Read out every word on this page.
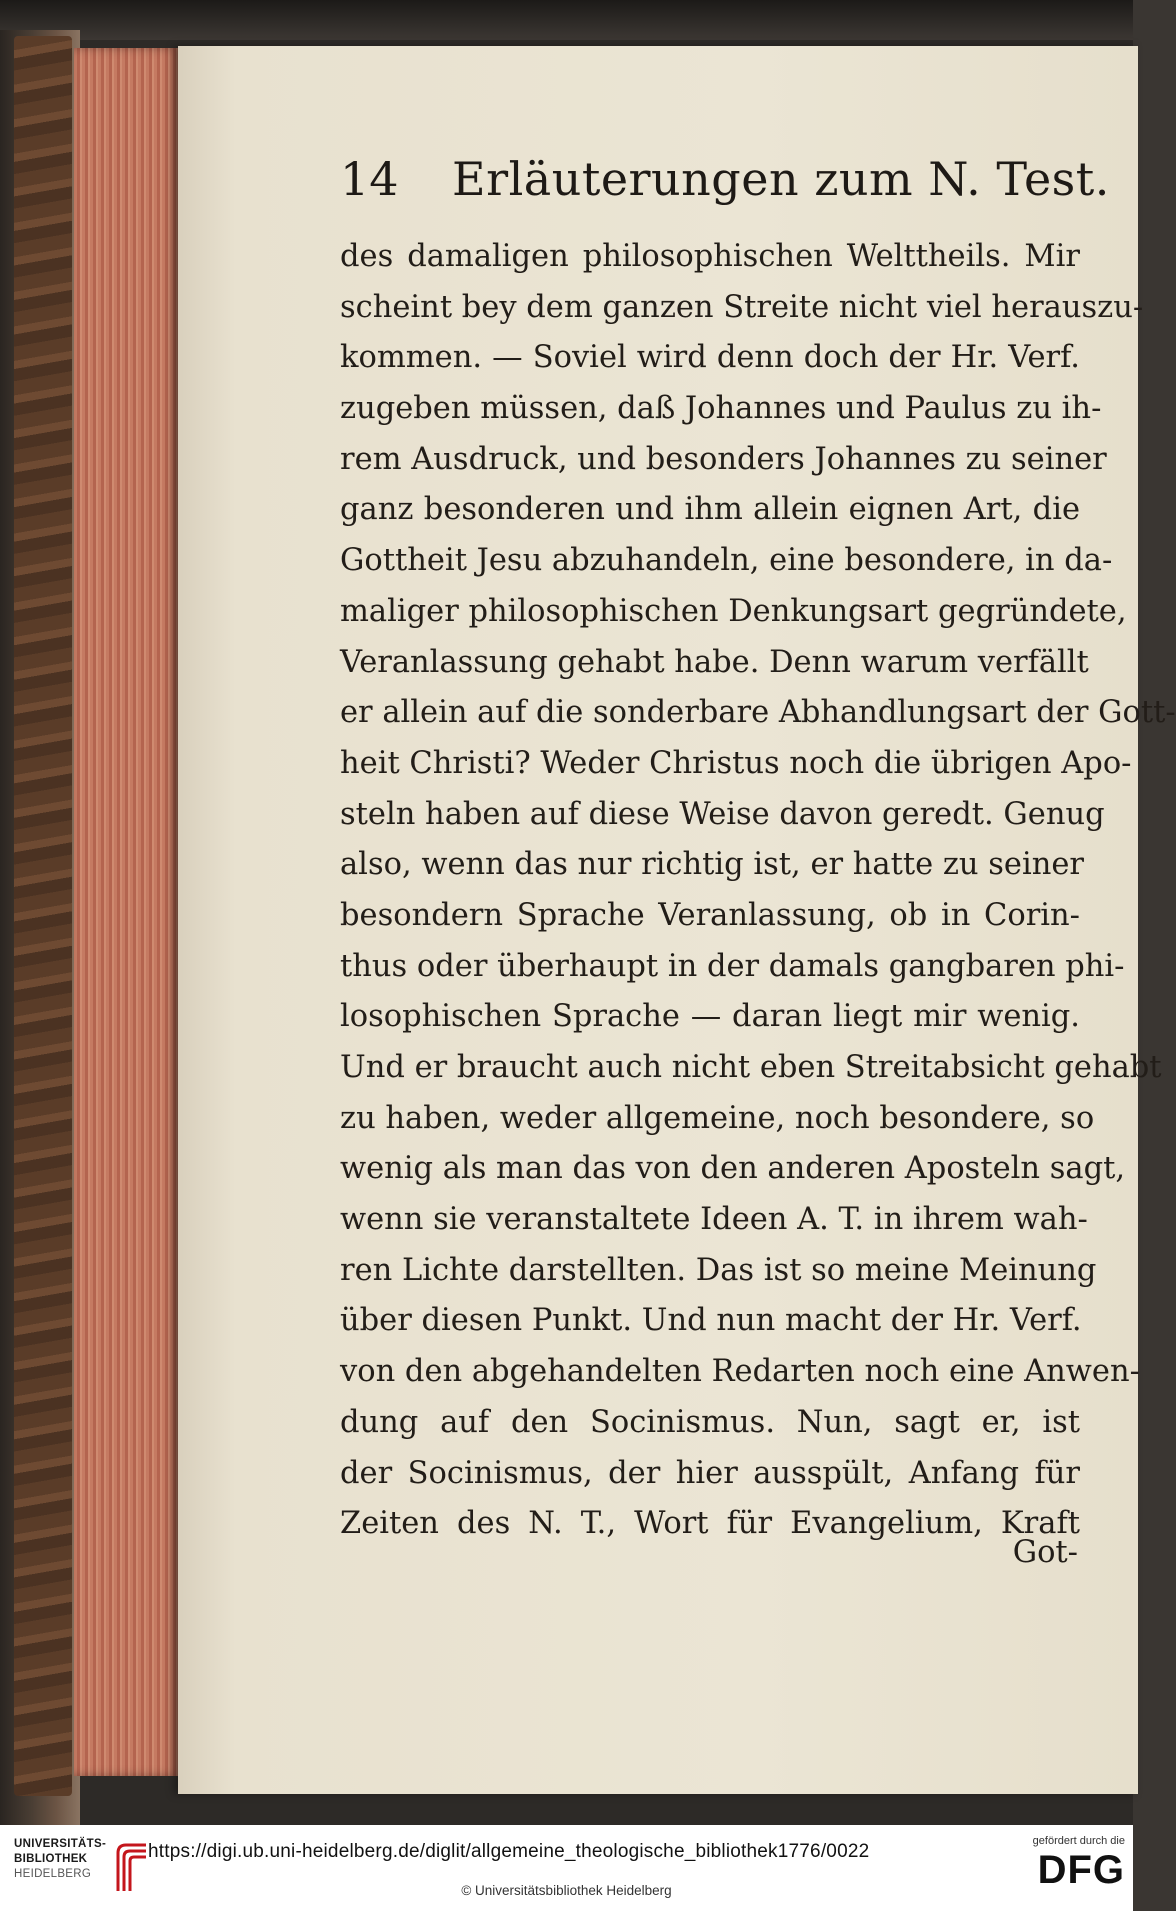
14 Erläuterungen zum N. Test.
des damaligen philosophischen Welttheils. Mir
scheint bey dem ganzen Streite nicht viel herauszu-
kommen. — Soviel wird denn doch der Hr. Verf.
zugeben müssen, daß Johannes und Paulus zu ih-
rem Ausdruck, und besonders Johannes zu seiner
ganz besonderen und ihm allein eignen Art, die
Gottheit Jesu abzuhandeln, eine besondere, in da-
maliger philosophischen Denkungsart gegründete,
Veranlassung gehabt habe. Denn warum verfällt
er allein auf die sonderbare Abhandlungsart der Gott-
heit Christi? Weder Christus noch die übrigen Apo-
steln haben auf diese Weise davon geredt. Genug
also, wenn das nur richtig ist, er hatte zu seiner
besondern Sprache Veranlassung, ob in Corin-
thus oder überhaupt in der damals gangbaren phi-
losophischen Sprache — daran liegt mir wenig.
Und er braucht auch nicht eben Streitabsicht gehabt
zu haben, weder allgemeine, noch besondere, so
wenig als man das von den anderen Aposteln sagt,
wenn sie veranstaltete Ideen A. T. in ihrem wah-
ren Lichte darstellten. Das ist so meine Meinung
über diesen Punkt. Und nun macht der Hr. Verf.
von den abgehandelten Redarten noch eine Anwen-
dung auf den Socinismus. Nun, sagt er, ist
der Socinismus, der hier ausspült, Anfang für
Zeiten des N. T., Wort für Evangelium, Kraft
Got-
UNIVERSITÄTS-
BIBLIOTHEK
HEIDELBERG
https://digi.ub.uni-heidelberg.de/diglit/allgemeine_theologische_bibliothek1776/0022
© Universitätsbibliothek Heidelberg
gefördert durch die
DFG
